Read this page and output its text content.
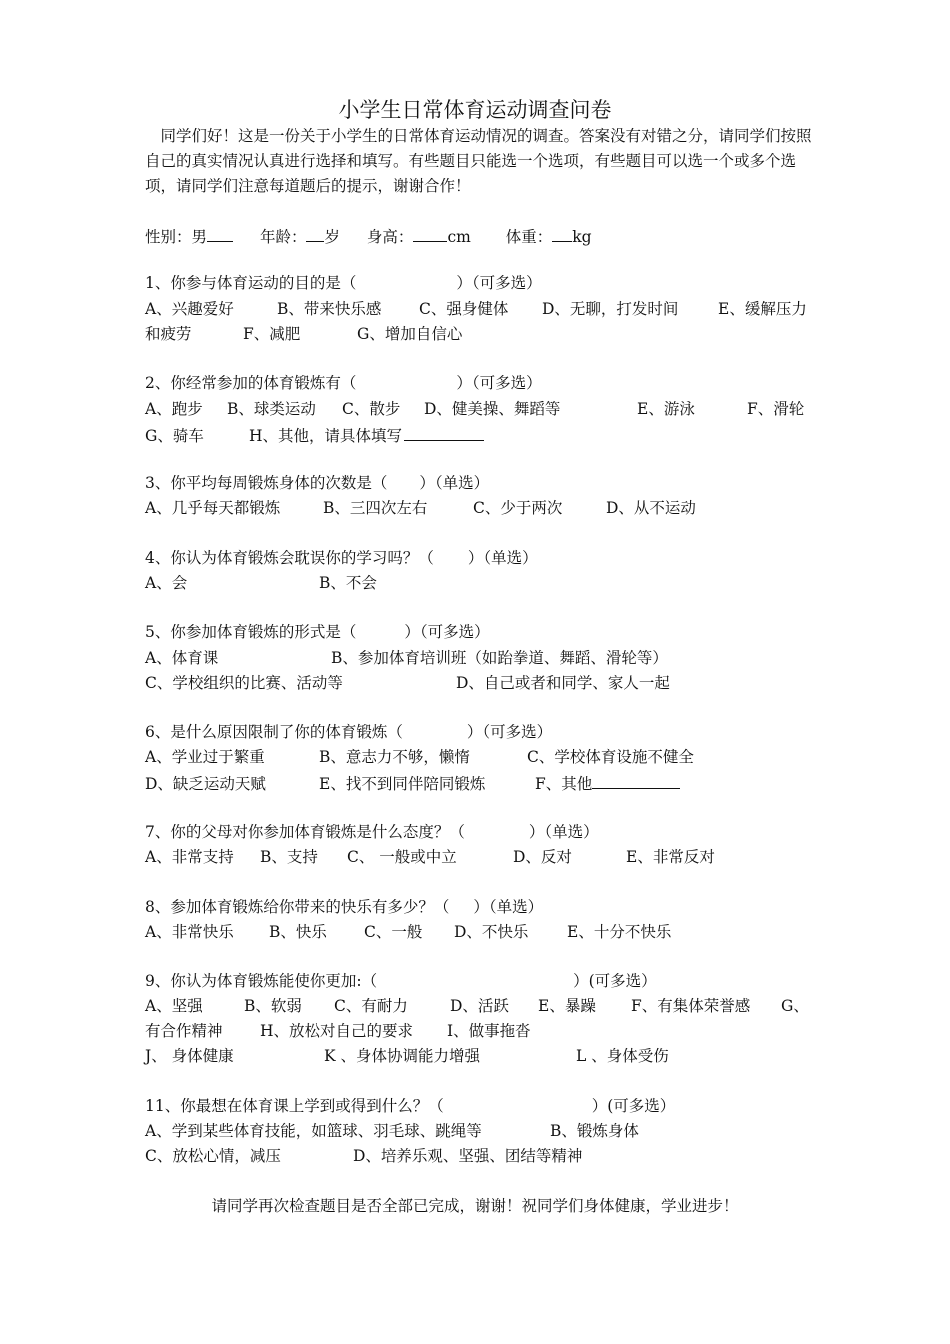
小学生日常体育运动调查问卷
　同学们好！这是一份关于小学生的日常体育运动情况的调查。答案没有对错之分，请同学们按照自己的真实情况认真进行选择和填写。有些题目只能选一个选项，有些题目可以选一个或多个选项，请同学们注意每道题后的提示，谢谢合作！
性别：男	年龄： 岁 身高： cm 体重： kg
1、你参与体育运动的目的是（	）（可多选）
A、兴趣爱好	B、带来快乐感 C、强身健体 D、无聊，打发时间	E、缓解压力
和疲劳	F、减肥	G、增加自信心
2、你经常参加的体育锻炼有（	）（可多选）
A、跑步 B、球类运动 C、散步 D、健美操、舞蹈等	E、游泳	F、滑轮
G、骑车	H、其他，请具体填写
3、你平均每周锻炼身体的次数是（ ）（单选）
A、几乎每天都锻炼	B、三四次左右	C、少于两次	D、从不运动
4、你认为体育锻炼会耽误你的学习吗？（ ）（单选）
A、会	B、不会
5、你参加体育锻炼的形式是（	）（可多选）
A、体育课	B、参加体育培训班（如跆拳道、舞蹈、滑轮等）
C、学校组织的比赛、活动等	D、自己或者和同学、家人一起
6、是什么原因限制了你的体育锻炼（	）（可多选）
A、学业过于繁重	B、意志力不够，懒惰	C、学校体育设施不健全
D、缺乏运动天赋	E、找不到同伴陪同锻炼	F、其他
7、你的父母对你参加体育锻炼是什么态度？（	）（单选）
A、非常支持 B、支持 C、 一般或中立	D、反对	E、非常反对
8、参加体育锻炼给你带来的快乐有多少？（ ）（单选）
A、非常快乐 B、快乐 C、一般 D、不快乐 E、十分不快乐
9、你认为体育锻炼能使你更加:（	）(可多选）
A、坚强	B、软弱 C、有耐力	D、活跃 E、暴躁 F、有集体荣誉感 G、
有合作精神 H、放松对自己的要求 I、做事拖沓
J、 身体健康	K 、身体协调能力增强	L 、身体受伤
11、你最想在体育课上学到或得到什么？（	）(可多选）
A、学到某些体育技能，如篮球、羽毛球、跳绳等	B、锻炼身体
C、放松心情，减压	D、培养乐观、坚强、团结等精神
请同学再次检查题目是否全部已完成，谢谢！祝同学们身体健康，学业进步！
